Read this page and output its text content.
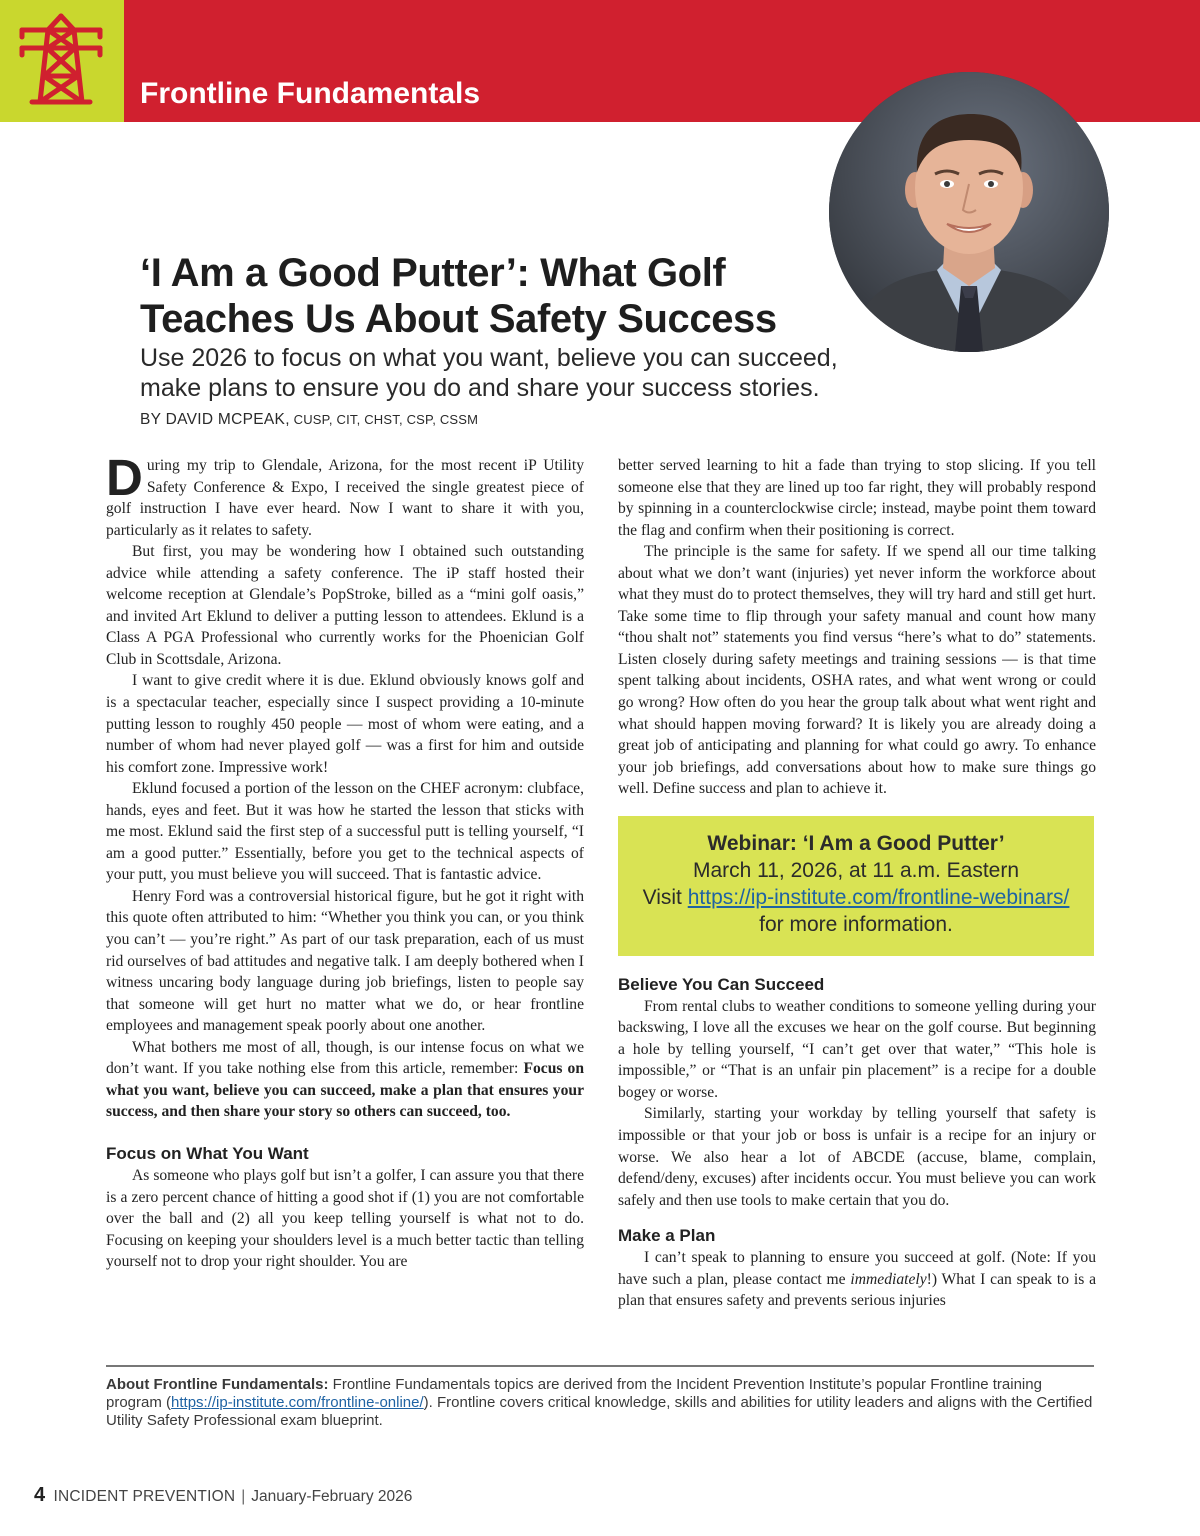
Frontline Fundamentals
‘I Am a Good Putter’: What Golf Teaches Us About Safety Success

Use 2026 to focus on what you want, believe you can succeed, make plans to ensure you do and share your success stories.

BY DAVID MCPEAK, CUSP, CIT, CHST, CSP, CSSM

During my trip to Glendale, Arizona, for the most recent iP Utility Safety Conference & Expo, I received the single greatest piece of golf instruction I have ever heard. Now I want to share it with you, particularly as it relates to safety.

But first, you may be wondering how I obtained such outstanding advice while attending a safety conference. The iP staff hosted their welcome reception at Glendale’s PopStroke, billed as a “mini golf oasis,” and invited Art Eklund to deliver a putting lesson to attendees. Eklund is a Class A PGA Professional who currently works for the Phoenician Golf Club in Scottsdale, Arizona.

I want to give credit where it is due. Eklund obviously knows golf and is a spectacular teacher, especially since I suspect providing a 10-minute putting lesson to roughly 450 people — most of whom were eating, and a number of whom had never played golf — was a first for him and outside his comfort zone. Impressive work!

Eklund focused a portion of the lesson on the CHEF acronym: clubface, hands, eyes and feet. But it was how he started the lesson that sticks with me most. Eklund said the first step of a successful putt is telling yourself, “I am a good putter.” Essentially, before you get to the technical aspects of your putt, you must believe you will succeed. That is fantastic advice.

Henry Ford was a controversial historical figure, but he got it right with this quote often attributed to him: “Whether you think you can, or you think you can’t — you’re right.” As part of our task preparation, each of us must rid ourselves of bad attitudes and negative talk. I am deeply bothered when I witness uncaring body language during job briefings, listen to people say that someone will get hurt no matter what we do, or hear frontline employees and management speak poorly about one another.

What bothers me most of all, though, is our intense focus on what we don’t want. If you take nothing else from this article, remember: Focus on what you want, believe you can succeed, make a plan that ensures your success, and then share your story so others can succeed, too.

Focus on What You Want

As someone who plays golf but isn’t a golfer, I can assure you that there is a zero percent chance of hitting a good shot if (1) you are not comfortable over the ball and (2) all you keep telling yourself is what not to do. Focusing on keeping your shoulders level is a much better tactic than telling yourself not to drop your right shoulder. You are

better served learning to hit a fade than trying to stop slicing. If you tell someone else that they are lined up too far right, they will probably respond by spinning in a counterclockwise circle; instead, maybe point them toward the flag and confirm when their positioning is correct.

The principle is the same for safety. If we spend all our time talking about what we don’t want (injuries) yet never inform the workforce about what they must do to protect themselves, they will try hard and still get hurt. Take some time to flip through your safety manual and count how many “thou shalt not” statements you find versus “here’s what to do” statements. Listen closely during safety meetings and training sessions — is that time spent talking about incidents, OSHA rates, and what went wrong or could go wrong? How often do you hear the group talk about what went right and what should happen moving forward? It is likely you are already doing a great job of anticipating and planning for what could go awry. To enhance your job briefings, add conversations about how to make sure things go well. Define success and plan to achieve it.

Webinar: ‘I Am a Good Putter’
March 11, 2026, at 11 a.m. Eastern
Visit https://ip-institute.com/frontline-webinars/
for more information.
Believe You Can Succeed

From rental clubs to weather conditions to someone yelling during your backswing, I love all the excuses we hear on the golf course. But beginning a hole by telling yourself, “I can’t get over that water,” “This hole is impossible,” or “That is an unfair pin placement” is a recipe for a double bogey or worse.

Similarly, starting your workday by telling yourself that safety is impossible or that your job or boss is unfair is a recipe for an injury or worse. We also hear a lot of ABCDE (accuse, blame, complain, defend/deny, excuses) after incidents occur. You must believe you can work safely and then use tools to make certain that you do.

Make a Plan

I can’t speak to planning to ensure you succeed at golf. (Note: If you have such a plan, please contact me immediately!) What I can speak to is a plan that ensures safety and prevents serious injuries

About Frontline Fundamentals: Frontline Fundamentals topics are derived from the Incident Prevention Institute’s popular Frontline training program (https://ip-institute.com/frontline-online/). Frontline covers critical knowledge, skills and abilities for utility leaders and aligns with the Certified Utility Safety Professional exam blueprint.

4 INCIDENT PREVENTION | January-February 2026
